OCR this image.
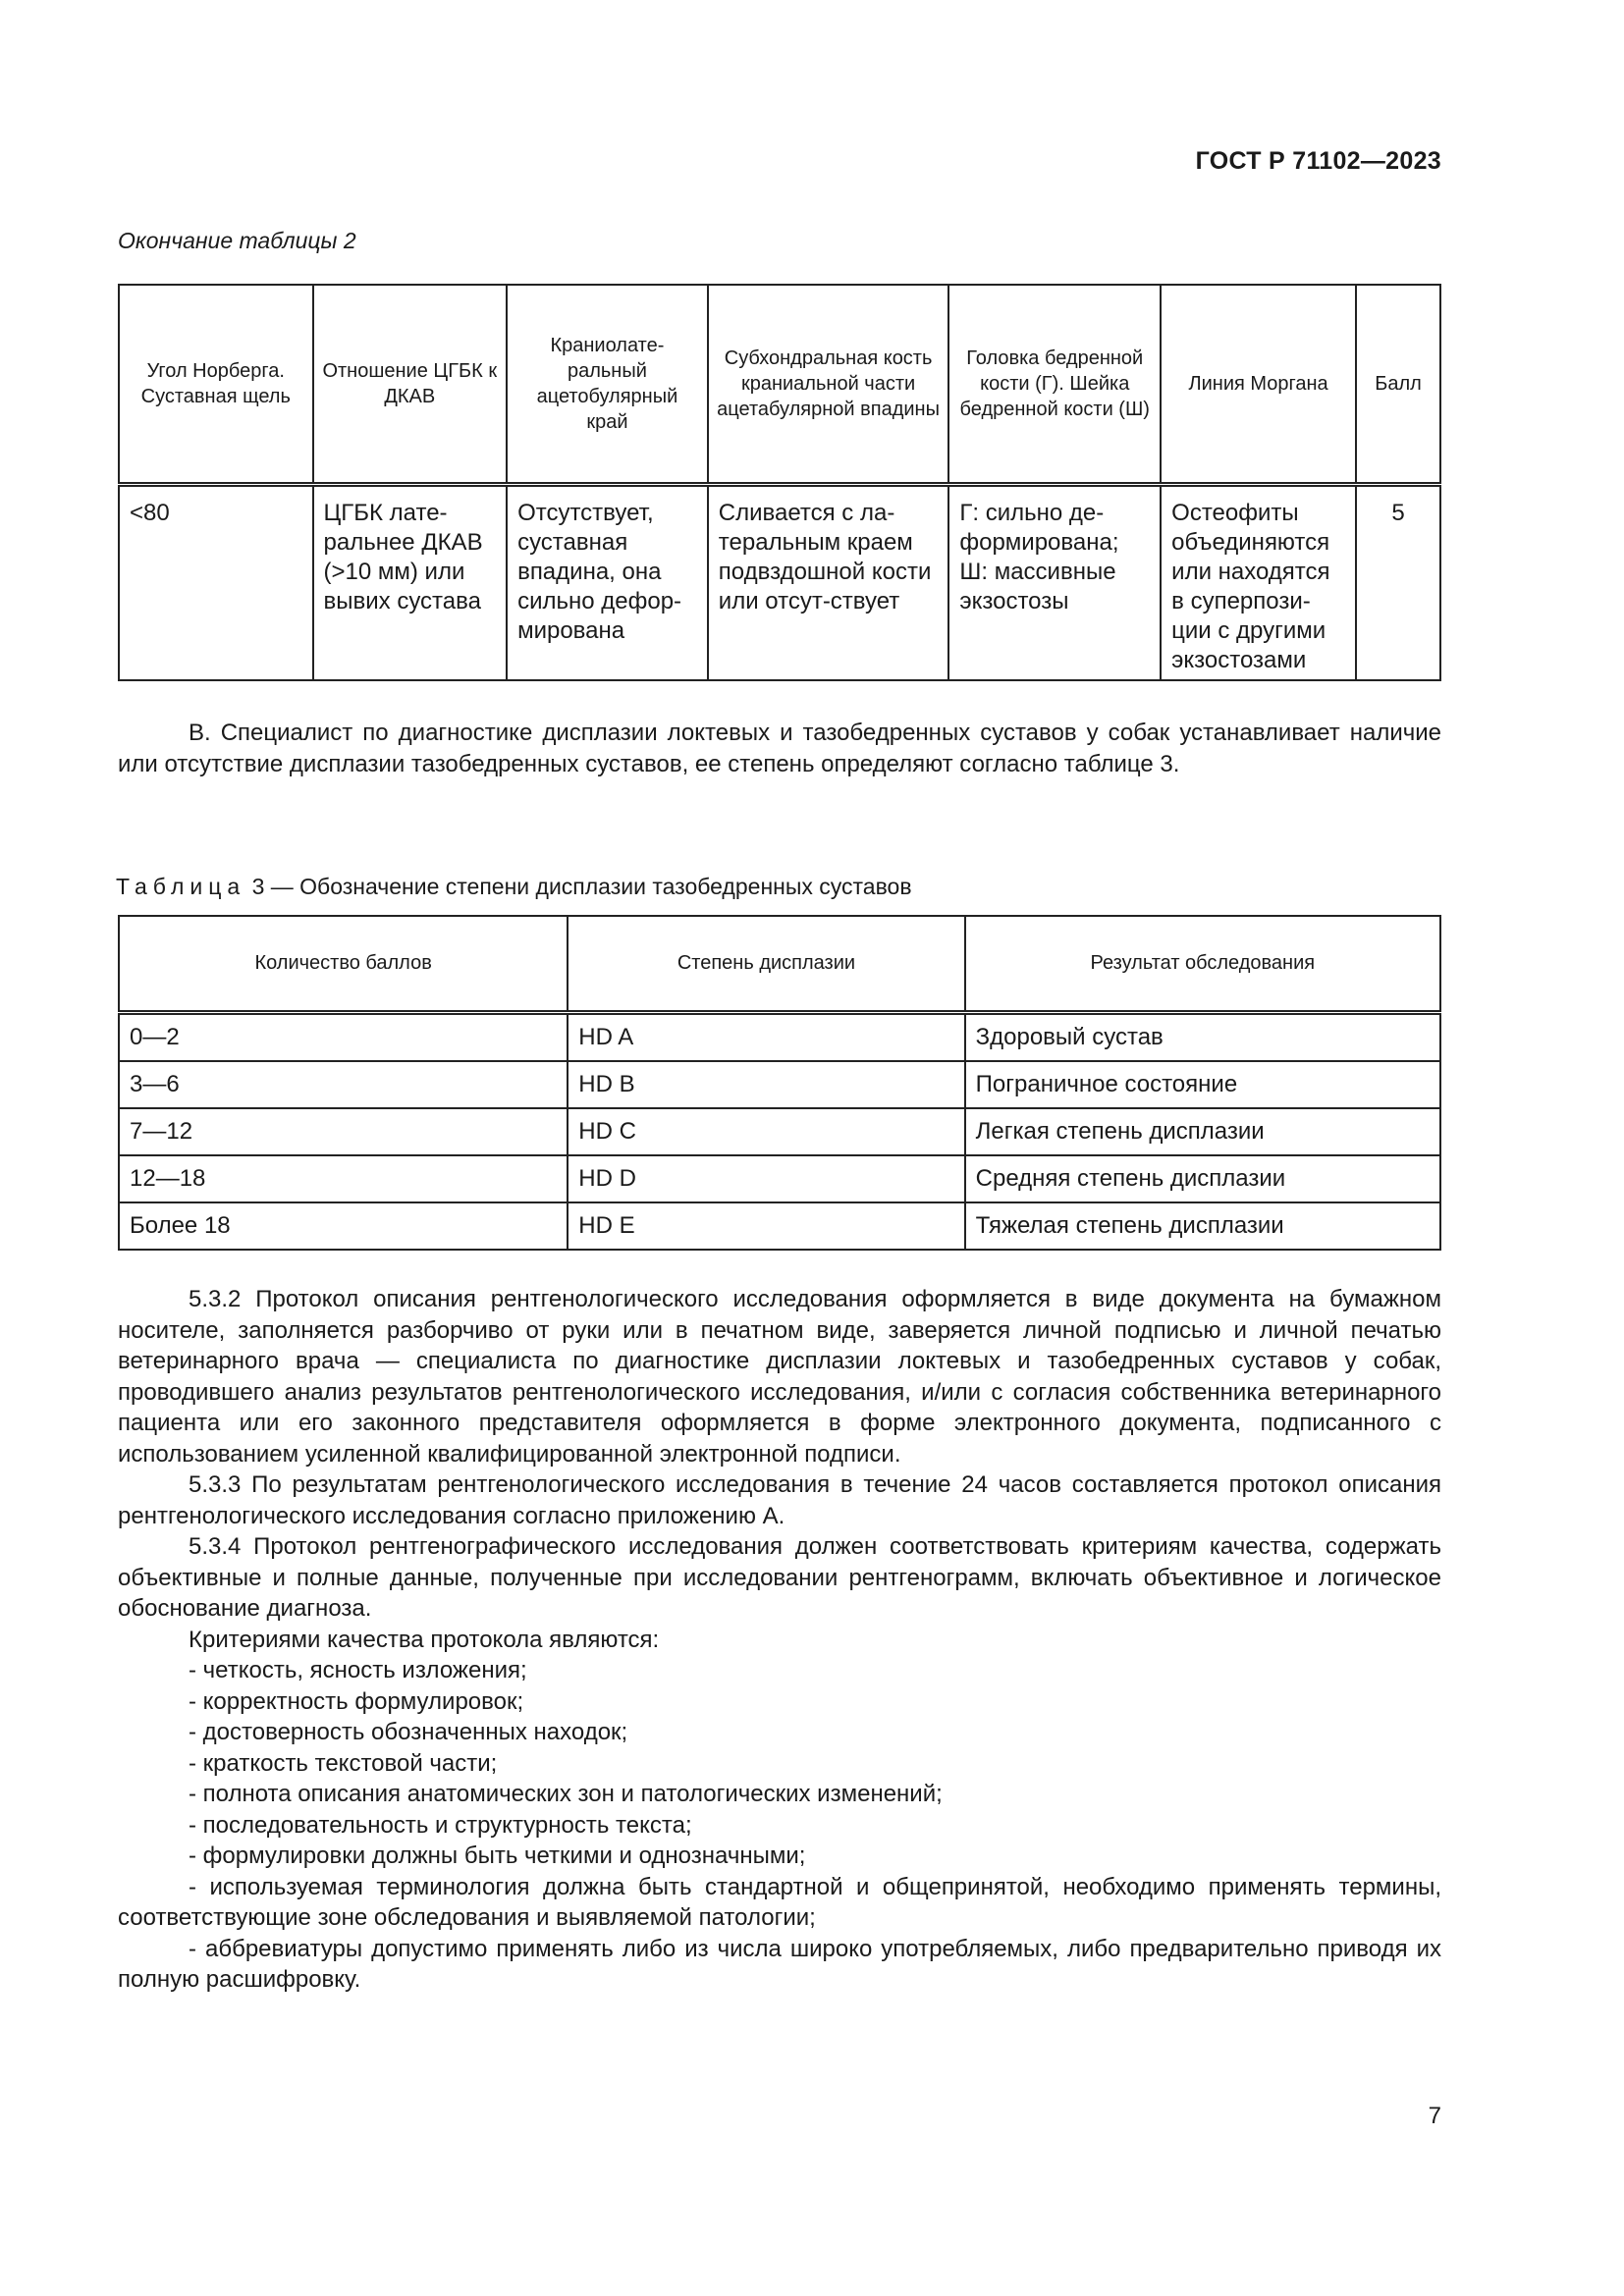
ГОСТ Р 71102—2023
Окончание таблицы 2
Угол Норберга. Суставная щель	Отношение ЦГБК к ДКАВ	Краниолате-ральный ацетобулярный край	Субхондральная кость краниальной части ацетабулярной впадины	Головка бедренной кости (Г). Шейка бедренной кости (Ш)	Линия Моргана	Балл
<80	ЦГБК лате-ральнее ДКАВ (>10 мм) или вывих сустава	Отсутствует, суставная впадина, она сильно дефор-мирована	Сливается с ла-теральным краем подвздошной кости или отсут-ствует	Г: сильно де-формирована; Ш: массивные экзостозы	Остеофиты объединяются или находятся в суперпози-ции с другими экзостозами	5
В. Специалист по диагностике дисплазии локтевых и тазобедренных суставов у собак устанавливает наличие или отсутствие дисплазии тазобедренных суставов, ее степень определяют согласно таблице 3.
Таблица 3 — Обозначение степени дисплазии тазобедренных суставов
Количество баллов	Степень дисплазии	Результат обследования
0—2	HD A	Здоровый сустав
3—6	HD B	Пограничное состояние
7—12	HD C	Легкая степень дисплазии
12—18	HD D	Средняя степень дисплазии
Более 18	HD E	Тяжелая степень дисплазии
5.3.2 Протокол описания рентгенологического исследования оформляется в виде документа на бумажном носителе, заполняется разборчиво от руки или в печатном виде, заверяется личной подписью и личной печатью ветеринарного врача — специалиста по диагностике дисплазии локтевых и тазобедренных суставов у собак, проводившего анализ результатов рентгенологического исследования, и/или с согласия собственника ветеринарного пациента или его законного представителя оформляется в форме электронного документа, подписанного с использованием усиленной квалифицированной электронной подписи.
5.3.3 По результатам рентгенологического исследования в течение 24 часов составляется протокол описания рентгенологического исследования согласно приложению А.
5.3.4 Протокол рентгенографического исследования должен соответствовать критериям качества, содержать объективные и полные данные, полученные при исследовании рентгенограмм, включать объективное и логическое обоснование диагноза.
Критериями качества протокола являются:
- четкость, ясность изложения;
- корректность формулировок;
- достоверность обозначенных находок;
- краткость текстовой части;
- полнота описания анатомических зон и патологических изменений;
- последовательность и структурность текста;
- формулировки должны быть четкими и однозначными;
- используемая терминология должна быть стандартной и общепринятой, необходимо применять термины, соответствующие зоне обследования и выявляемой патологии;
- аббревиатуры допустимо применять либо из числа широко употребляемых, либо предварительно приводя их полную расшифровку.
7
